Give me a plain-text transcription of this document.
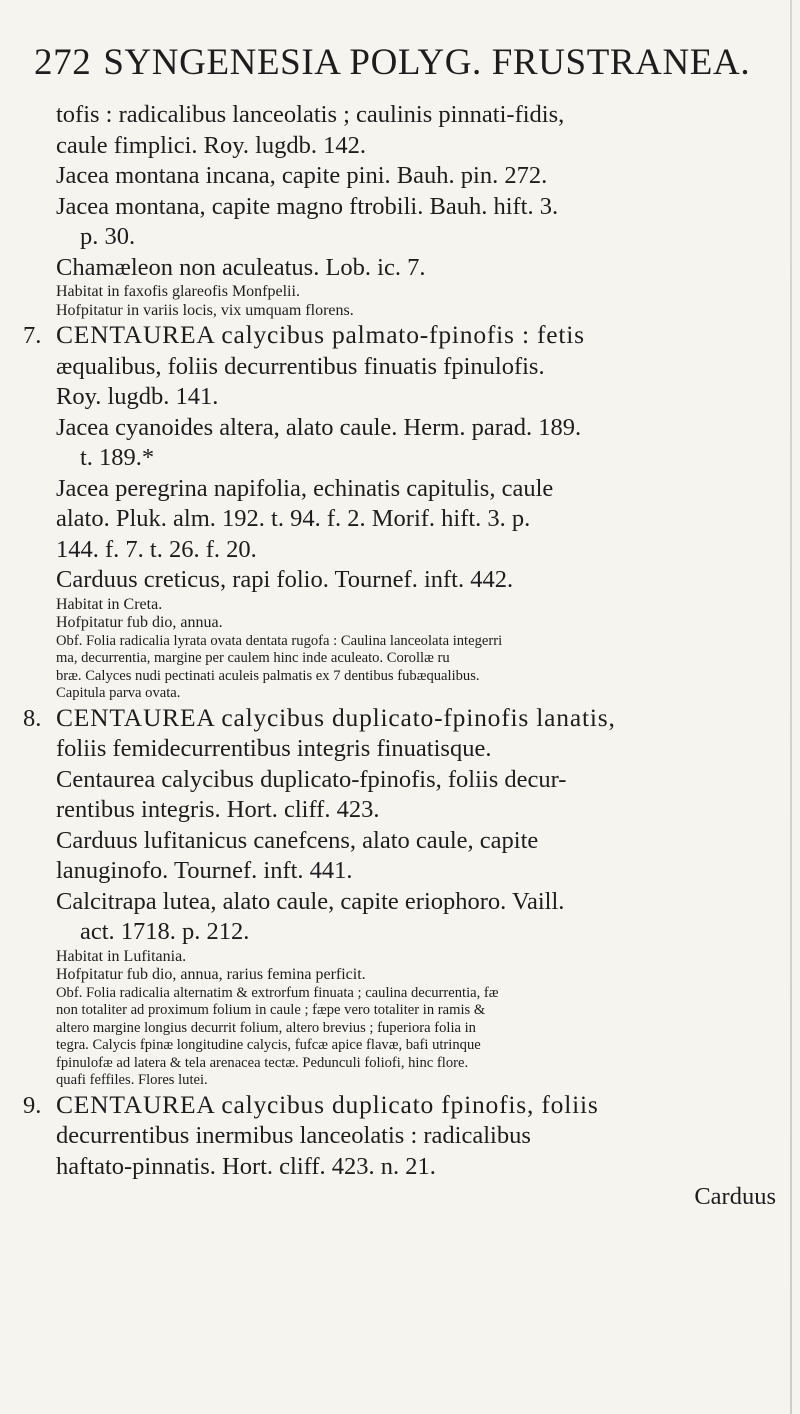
272 SYNGENESIA POLYG. FRUSTRANEA.
tofis : radicalibus lanceolatis ; caulinis pinnati-fidis,
caule fimplici. Roy. lugdb. 142.
Jacea montana incana, capite pini. Bauh. pin. 272.
Jacea montana, capite magno ftrobili. Bauh. hift. 3.
p. 30.
Chamæleon non aculeatus. Lob. ic. 7.
Habitat in faxofis glareofis Monfpelii.
Hofpitatur in variis locis, vix umquam florens.
7. CENTAUREA calycibus palmato-fpinofis : fetis
æqualibus, foliis decurrentibus finuatis fpinulofis.
Roy. lugdb. 141.
Jacea cyanoides altera, alato caule. Herm. parad. 189.
t. 189.*
Jacea peregrina napifolia, echinatis capitulis, caule
alato. Pluk. alm. 192. t. 94. f. 2. Morif. hift. 3. p.
144. f. 7. t. 26. f. 20.
Carduus creticus, rapi folio. Tournef. inft. 442.
Habitat in Creta.
Hofpitatur fub dio, annua.
Obf. Folia radicalia lyrata ovata dentata rugofa : Caulina lanceolata integerri
ma, decurrentia, margine per caulem hinc inde aculeato. Corollæ ru
bræ. Calyces nudi pectinati aculeis palmatis ex 7 dentibus fubæqualibus.
Capitula parva ovata.
8. CENTAUREA calycibus duplicato-fpinofis lanatis,
foliis femidecurrentibus integris finuatisque.
Centaurea calycibus duplicato-fpinofis, foliis decur-
rentibus integris. Hort. cliff. 423.
Carduus lufitanicus canefcens, alato caule, capite
lanuginofo. Tournef. inft. 441.
Calcitrapa lutea, alato caule, capite eriophoro. Vaill.
act. 1718. p. 212.
Habitat in Lufitania.
Hofpitatur fub dio, annua, rarius femina perficit.
Obf. Folia radicalia alternatim & extrorfum finuata ; caulina decurrentia, fæ
non totaliter ad proximum folium in caule ; fæpe vero totaliter in ramis &
altero margine longius decurrit folium, altero brevius ; fuperiora folia in
tegra. Calycis fpinæ longitudine calycis, fufcæ apice flavæ, bafi utrinque
fpinulofæ ad latera & tela arenacea tectæ. Pedunculi foliofi, hinc flore.
quafi feffiles. Flores lutei.
9. CENTAUREA calycibus duplicato fpinofis, foliis
decurrentibus inermibus lanceolatis : radicalibus
haftato-pinnatis. Hort. cliff. 423. n. 21.
Carduus
